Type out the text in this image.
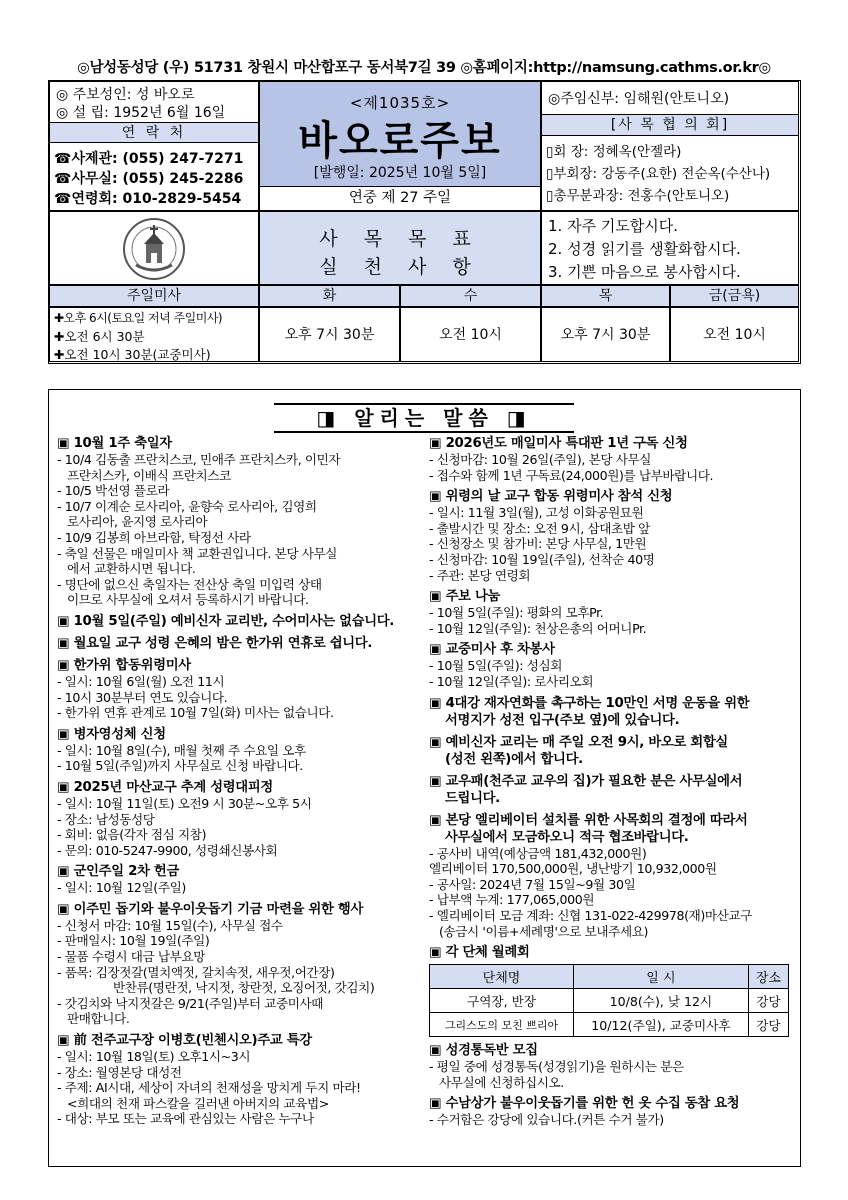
◎남성동성당 (우) 51731 창원시 마산합포구 동서북7길 39 ◎홈페이지:http://namsung.cathms.or.kr◎
◎ 주보성인: 성 바오로
◎ 설 립: 1952년 6월 16일
연 락 처
☎사제관: (055) 247-7271
☎사무실: (055) 245-2286
☎연령회: 010-2829-5454
<제1035호>
바오로주보
[발행일: 2025년 10월 5일]
연중 제 27 주일
◎주임신부: 임해원(안토니오)
[사 목 협 의 회]
▯회 장: 정혜옥(안젤라)
▯부회장: 강동주(요한) 전순옥(수산나)
▯총무분과장: 전홍수(안토니오)
사 목 목 표
실 천 사 항
1. 자주 기도합시다.
2. 성경 읽기를 생활화합시다.
3. 기쁜 마음으로 봉사합시다.
주일미사	화	수	목	금(금욕)
✚오후 6시(토요일 저녁 주일미사)
✚오전 6시 30분
✚오전 10시 30분(교중미사)
오후 7시 30분	오전 10시	오후 7시 30분	오전 10시
◨ 알리는 말씀 ◨
▣ 10월 1주 축일자
- 10/4 김동출 프란치스코, 민애주 프란치스카, 이민자
프란치스카, 이배식 프란치스코
- 10/5 박선영 플로라
- 10/7 이계순 로사리아, 윤향숙 로사리아, 김영희
로사리아, 윤지영 로사리아
- 10/9 김봉희 아브라함, 탁정선 사라
- 축일 선물은 매일미사 책 교환권입니다. 본당 사무실
에서 교환하시면 됩니다.
- 명단에 없으신 축일자는 전산상 축일 미입력 상태
이므로 사무실에 오셔서 등록하시기 바랍니다.
▣ 10월 5일(주일) 예비신자 교리반, 수어미사는 없습니다.
▣ 월요일 교구 성령 은혜의 밤은 한가위 연휴로 쉽니다.
▣ 한가위 합동위령미사
- 일시: 10월 6일(월) 오전 11시
- 10시 30분부터 연도 있습니다.
- 한가위 연휴 관계로 10월 7일(화) 미사는 없습니다.
▣ 병자영성체 신청
- 일시: 10월 8일(수), 매월 첫째 주 수요일 오후
- 10월 5일(주일)까지 사무실로 신청 바랍니다.
▣ 2025년 마산교구 추계 성령대피정
- 일시: 10월 11일(토) 오전9 시 30분~오후 5시
- 장소: 남성동성당
- 회비: 없음(각자 점심 지참)
- 문의: 010-5247-9900, 성령쇄신봉사회
▣ 군인주일 2차 헌금
- 일시: 10월 12일(주일)
▣ 이주민 돕기와 불우이웃돕기 기금 마련을 위한 행사
- 신청서 마감: 10월 15일(수), 사무실 접수
- 판매일시: 10월 19일(주일)
- 물품 수령시 대금 납부요망
- 품목: 김장젓갈(멸치액젓, 갈치속젓, 새우젓,어간장)
반찬류(명란젓, 낙지젓, 창란젓, 오징어젓, 갓김치)
- 갓김치와 낙지젓갈은 9/21(주일)부터 교중미사때
판매합니다.
▣ 前 전주교구장 이병호(빈첸시오)주교 특강
- 일시: 10월 18일(토) 오후1시~3시
- 장소: 월영본당 대성전
- 주제: AI시대, 세상이 자녀의 천재성을 망치게 두지 마라!
<희대의 천재 파스칼을 길러낸 아버지의 교육법>
- 대상: 부모 또는 교육에 관심있는 사람은 누구나
▣ 2026년도 매일미사 특대판 1년 구독 신청
- 신청마감: 10월 26일(주일), 본당 사무실
- 접수와 함께 1년 구독료(24,000원)를 납부바랍니다.
▣ 위령의 날 교구 합동 위령미사 참석 신청
- 일시: 11월 3일(월), 고성 이화공원묘원
- 출발시간 및 장소: 오전 9시, 삼대초밥 앞
- 신청장소 및 참가비: 본당 사무실, 1만원
- 신청마감: 10월 19일(주일), 선착순 40명
- 주관: 본당 연령회
▣ 주보 나눔
- 10월 5일(주일): 평화의 모후Pr.
- 10월 12일(주일): 천상은총의 어머니Pr.
▣ 교중미사 후 차봉사
- 10월 5일(주일): 성심회
- 10월 12일(주일): 로사리오회
▣ 4대강 재자연화를 촉구하는 10만인 서명 운동을 위한
서명지가 성전 입구(주보 옆)에 있습니다.
▣ 예비신자 교리는 매 주일 오전 9시, 바오로 회합실
(성전 왼쪽)에서 합니다.
▣ 교우패(천주교 교우의 집)가 필요한 분은 사무실에서
드립니다.
▣ 본당 엘리베이터 설치를 위한 사목회의 결정에 따라서
사무실에서 모금하오니 적극 협조바랍니다.
- 공사비 내역(예상금액 181,432,000원)
엘리베이터 170,500,000원, 냉난방기 10,932,000원
- 공사일: 2024년 7월 15일~9월 30일
- 납부액 누계: 177,065,000원
- 엘리베이터 모금 계좌: 신협 131-022-429978(재)마산교구
(송금시 '이름+세례명'으로 보내주세요)
▣ 각 단체 월례회
단체명	일 시	장소
구역장, 반장	10/8(수), 낮 12시	강당
그리스도의 모친 쁘리아	10/12(주일), 교중미사후	강당
▣ 성경통독반 모집
- 평일 중에 성경통독(성경읽기)을 원하시는 분은
사무실에 신청하십시오.
▣ 수남상가 불우이웃돕기를 위한 헌 옷 수집 동참 요청
- 수거함은 강당에 있습니다.(커튼 수거 불가)
